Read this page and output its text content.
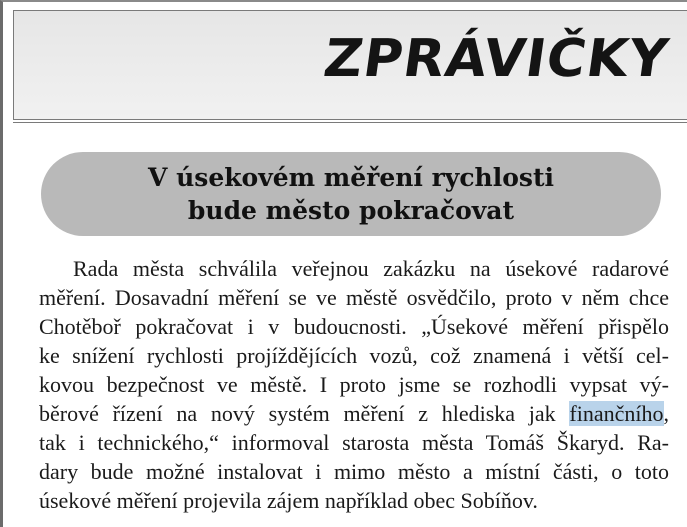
ZPRÁVIČKY
V úsekovém měření rychlosti
bude město pokračovat
Rada města schválila veřejnou zakázku na úsekové radarové
měření. Dosavadní měření se ve městě osvědčilo, proto v něm chce
Chotěboř pokračovat i v budoucnosti. „Úsekové měření přispělo
ke snížení rychlosti projíždějících vozů, což znamená i větší cel-
kovou bezpečnost ve městě. I proto jsme se rozhodli vypsat vý-
běrové řízení na nový systém měření z hlediska jak finančního,
tak i technického,“ informoval starosta města Tomáš Škaryd. Ra-
dary bude možné instalovat i mimo město a místní části, o toto
úsekové měření projevila zájem například obec Sobíňov.
